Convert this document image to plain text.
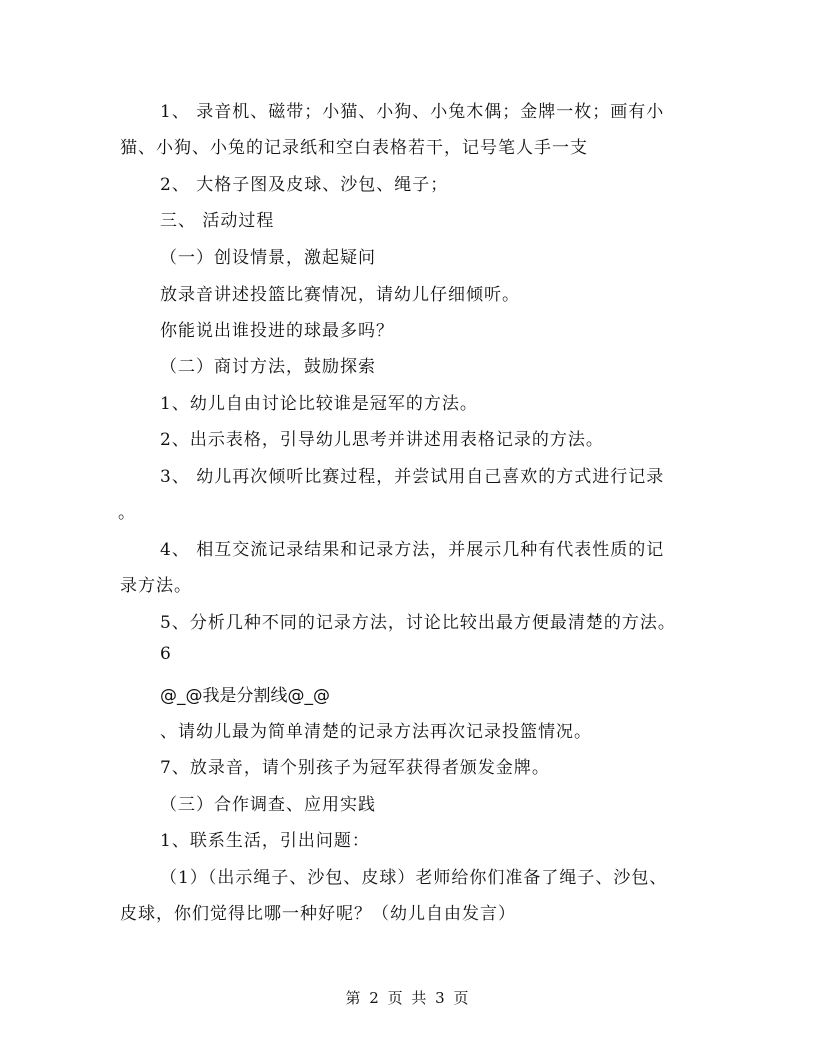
1、 录音机、磁带；小猫、小狗、小兔木偶；金牌一枚；画有小
猫、小狗、小兔的记录纸和空白表格若干，记号笔人手一支
2、 大格子图及皮球、沙包、绳子；
三、 活动过程
（一）创设情景，激起疑问
放录音讲述投篮比赛情况，请幼儿仔细倾听。
你能说出谁投进的球最多吗？
（二）商讨方法，鼓励探索
1、幼儿自由讨论比较谁是冠军的方法。
2、出示表格，引导幼儿思考并讲述用表格记录的方法。
3、 幼儿再次倾听比赛过程，并尝试用自己喜欢的方式进行记录
。
4、 相互交流记录结果和记录方法，并展示几种有代表性质的记
录方法。
5、分析几种不同的记录方法，讨论比较出最方便最清楚的方法。
6
@_@我是分割线@_@
、请幼儿最为简单清楚的记录方法再次记录投篮情况。
7、放录音，请个别孩子为冠军获得者颁发金牌。
（三）合作调查、应用实践
1、联系生活，引出问题：
（1）（出示绳子、沙包、皮球）老师给你们准备了绳子、沙包、
皮球，你们觉得比哪一种好呢？（幼儿自由发言）
第 2 页 共 3 页
